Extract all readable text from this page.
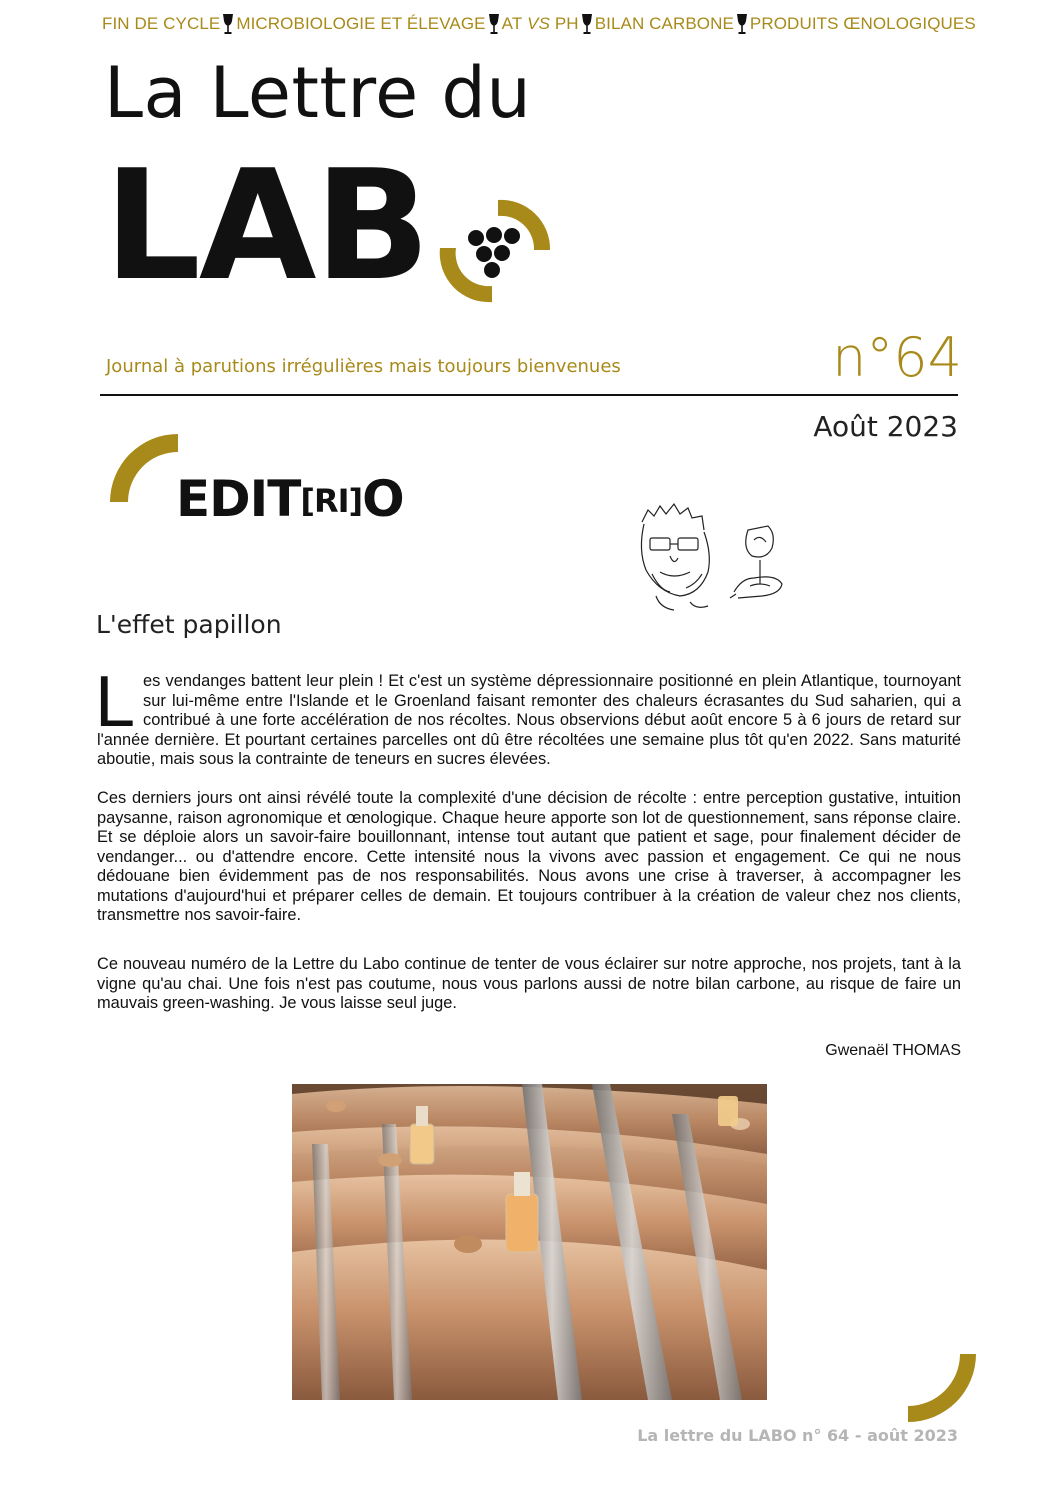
FIN DE CYCLE MICROBIOLOGIE ET ÉLEVAGE AT
VS
PH BILAN CARBONE PRODUITS ŒNOLOGIQUES
La Lettre du
LAB
Journal à parutions irrégulières mais toujours bienvenues	n°64
Août 2023
EDIT[RI]O
L'effet papillon
Les vendanges battent leur plein ! Et c'est un système dépressionnaire positionné en plein Atlantique, tournoyant sur lui-même entre l'Islande et le Groenland faisant remonter des chaleurs écrasantes du Sud saharien, qui a contribué à une forte accélération de nos récoltes. Nous observions début août encore 5 à 6 jours de retard sur l'année dernière. Et pourtant certaines parcelles ont dû être récoltées une semaine plus tôt qu'en 2022. Sans maturité aboutie, mais sous la contrainte de teneurs en sucres élevées.
Ces derniers jours ont ainsi révélé toute la complexité d'une décision de récolte : entre perception gustative, intuition paysanne, raison agronomique et œnologique. Chaque heure apporte son lot de questionnement, sans réponse claire. Et se déploie alors un savoir-faire bouillonnant, intense tout autant que patient et sage, pour finalement décider de vendanger... ou d'attendre encore. Cette intensité nous la vivons avec passion et engagement. Ce qui ne nous dédouane bien évidemment pas de nos responsabilités. Nous avons une crise à traverser, à accompagner les mutations d'aujourd'hui et préparer celles de demain. Et toujours contribuer à la création de valeur chez nos clients, transmettre nos savoir-faire.
Ce nouveau numéro de la Lettre du Labo continue de tenter de vous éclairer sur notre approche, nos projets, tant à la vigne qu'au chai. Une fois n'est pas coutume, nous vous parlons aussi de notre bilan carbone, au risque de faire un mauvais green-washing. Je vous laisse seul juge.
Gwenaël THOMAS
La lettre du LABO n° 64 - août 2023
